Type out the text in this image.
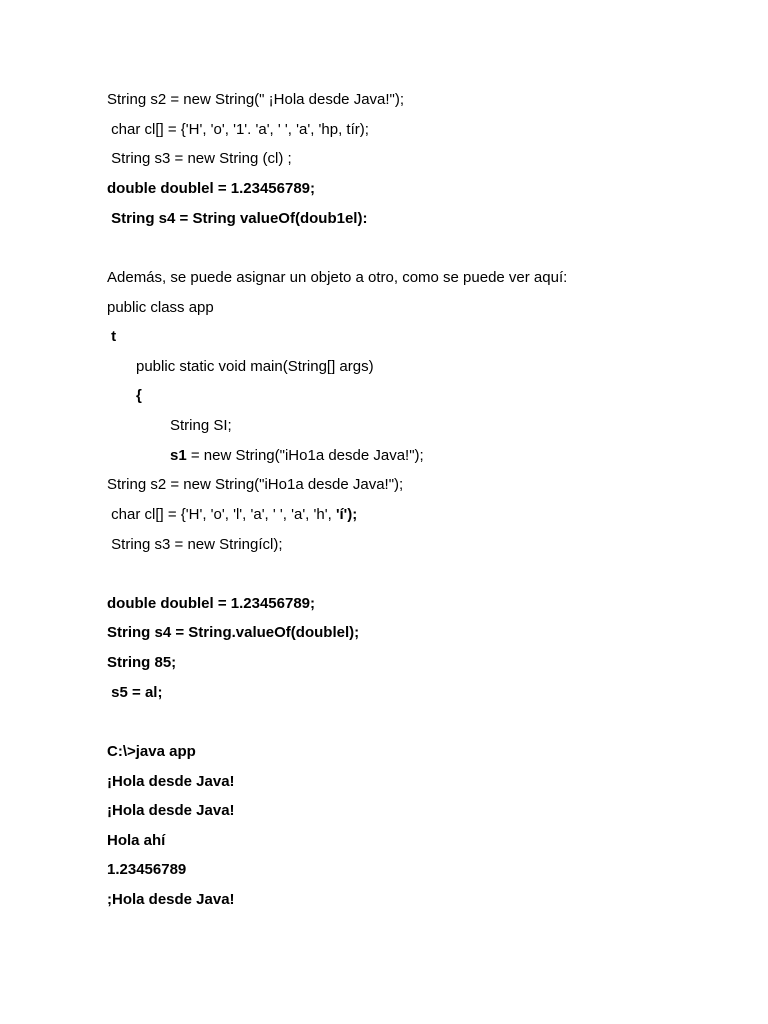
String s2 = new String(" ¡Hola desde Java!");
char cl[] = {'H', 'o', '1'. 'a', ' ', 'a', 'hp, tír);
String s3 = new String (cl) ;
double doublel = 1.23456789;
String s4 = String valueOf(doub1el):
Además, se puede asignar un objeto a otro, como se puede ver aquí:
public class app
t
public static void main(String[] args)
{
String SI;
s1 = new String("iHo1a desde Java!");
String s2 = new String("iHo1a desde Java!");
char cl[] = {'H', 'o', 'l', 'a', ' ', 'a', 'h', 'í');
String s3 = new Stringícl);
double doublel = 1.23456789;
String s4 = String.valueOf(doublel);
String 85;
s5 = al;
C:\>java app
¡Hola desde Java!
¡Hola desde Java!
Hola ahí
1.23456789
;Hola desde Java!
